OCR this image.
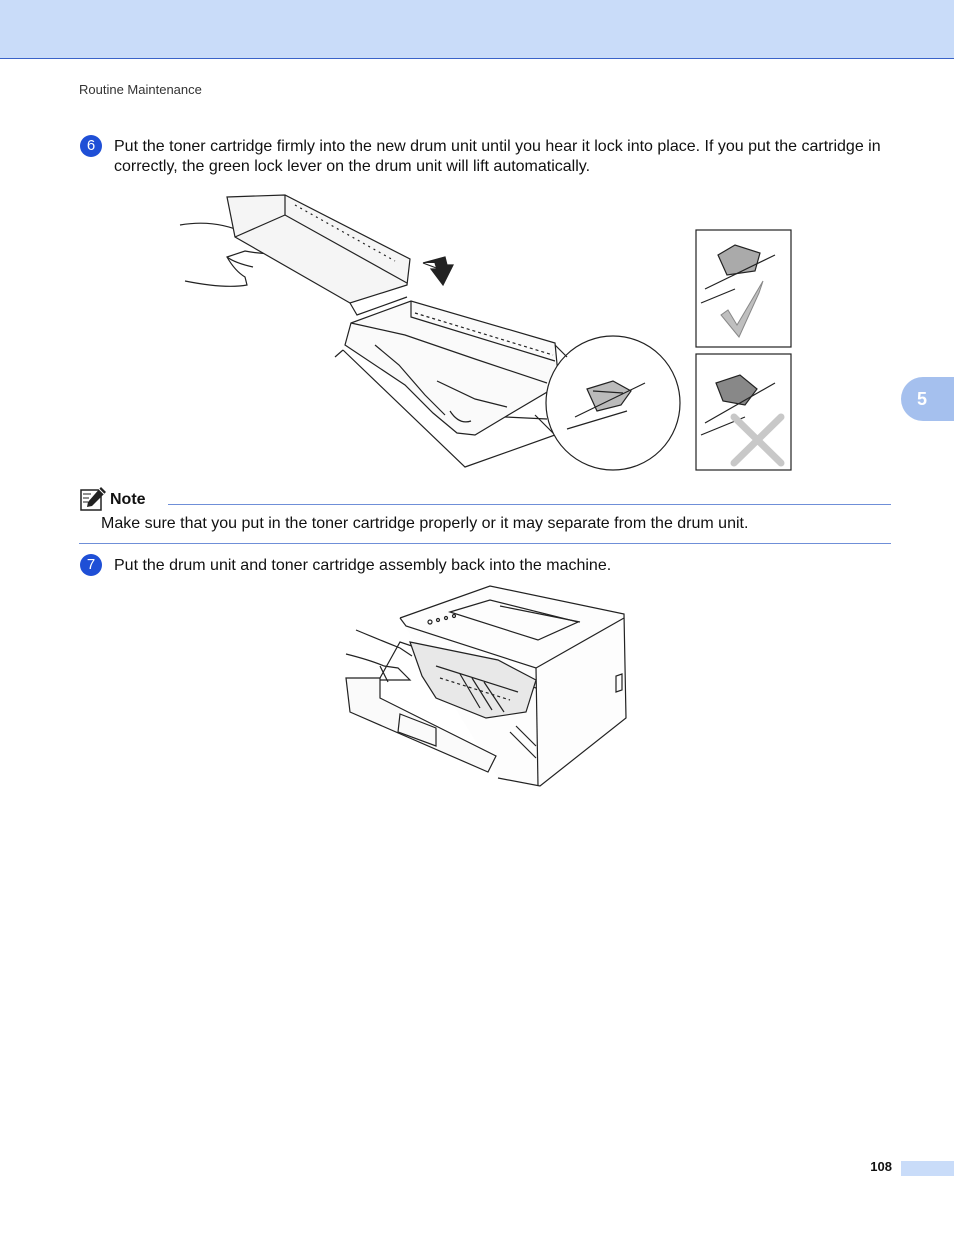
Routine Maintenance
6	Put the toner cartridge firmly into the new drum unit until you hear it lock into place. If you put the cartridge in correctly, the green lock lever on the drum unit will lift automatically.
5
Note
Make sure that you put in the toner cartridge properly or it may separate from the drum unit.
7	Put the drum unit and toner cartridge assembly back into the machine.
108
